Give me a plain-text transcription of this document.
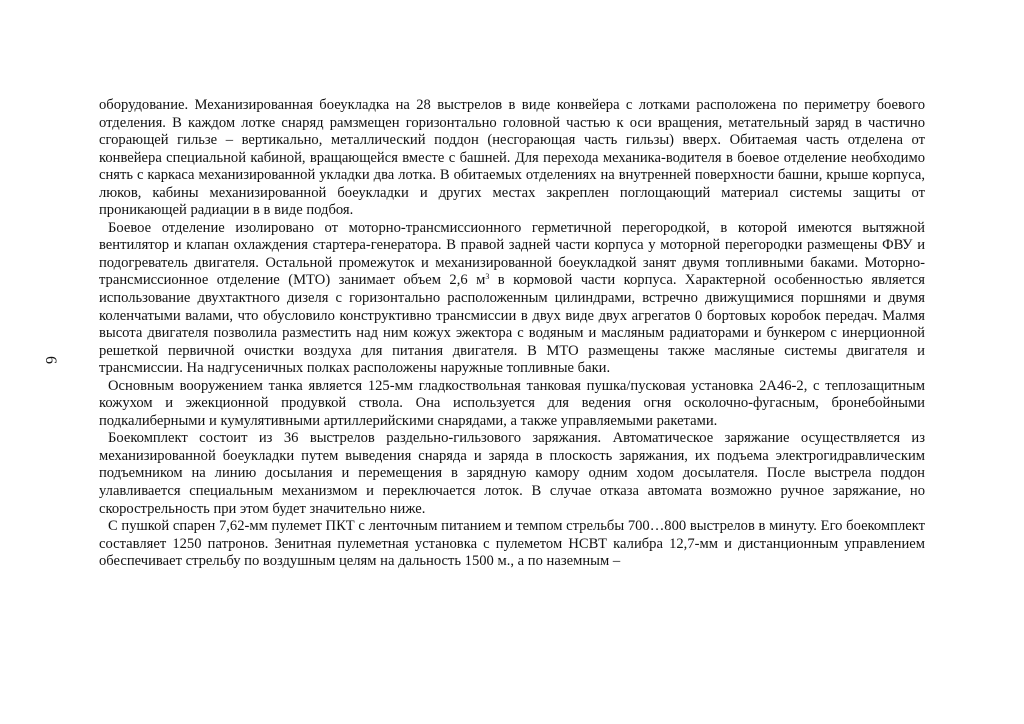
6

оборудование. Механизированная боеукладка на 28 выстрелов в виде конвейера с лотками расположена по периметру боевого отделения. В каждом лотке снаряд рамзмещен горизонтально головной частью к оси вращения, метательный заряд в частично сгорающей гильзе – вертикально, металлический поддон (несгорающая часть гильзы) вверх. Обитаемая часть отделена от конвейера специальной кабиной, вращающейся вместе с башней. Для перехода механика-водителя в боевое отделение необходимо снять с каркаса механизированной укладки два лотка. В обитаемых отделениях на внутренней поверхности башни, крыше корпуса, люков, кабины механизированной боеукладки и других местах закреплен поглощающий материал системы защиты от проникающей радиации в в виде подбоя.

Боевое отделение изолировано от моторно-трансмиссионного герметичной перегородкой, в которой имеются вытяжной вентилятор и клапан охлаждения стартера-генератора. В правой задней части корпуса у моторной перегородки размещены ФВУ и подогреватель двигателя. Остальной промежуток и механизированной боеукладкой занят двумя топливными баками. Моторно-трансмиссионное отделение (МТО) занимает объем 2,6 $м^3$ в кормовой части корпуса. Характерной особенностью является использование двухтактного дизеля с горизонтально расположенным цилиндрами, встречно движущимися поршнями и двумя коленчатыми валами, что обусловило конструктивно трансмиссии в двух виде двух агрегатов 0 бортовых коробок передач. Малмя высота двигателя позволила разместить над ним кожух эжектора с водяным и масляным радиаторами и бункером с инерционной решеткой первичной очистки воздуха для питания двигателя. В МТО размещены также масляные системы двигателя и трансмиссии. На надгусеничных полках расположены наружные топливные баки.

Основным вооружением танка является 125-мм гладкоствольная танковая пушка/пусковая установка 2А46-2, с теплозащитным кожухом и эжекционной продувкой ствола. Она используется для ведения огня осколочно-фугасным, бронебойными подкалиберными и кумулятивными артиллерийскими снарядами, а также управляемыми ракетами.

Боекомплект состоит из 36 выстрелов раздельно-гильзового заряжания. Автоматическое заряжание осуществляется из механизированной боеукладки путем выведения снаряда и заряда в плоскость заряжания, их подъема электрогидравлическим подъемником на линию досылания и перемещения в зарядную камору одним ходом досылателя. После выстрела поддон улавливается специальным механизмом и переключается лоток. В случае отказа автомата возможно ручное заряжание, но скорострельность при этом будет значительно ниже.

С пушкой спарен 7,62-мм пулемет ПКТ с ленточным питанием и темпом стрельбы 700…800 выстрелов в минуту. Его боекомплект составляет 1250 патронов. Зенитная пулеметная установка с пулеметом НСВТ калибра 12,7-мм и дистанционным управлением обеспечивает стрельбу по воздушным целям на дальность 1500 м., а по наземным –
